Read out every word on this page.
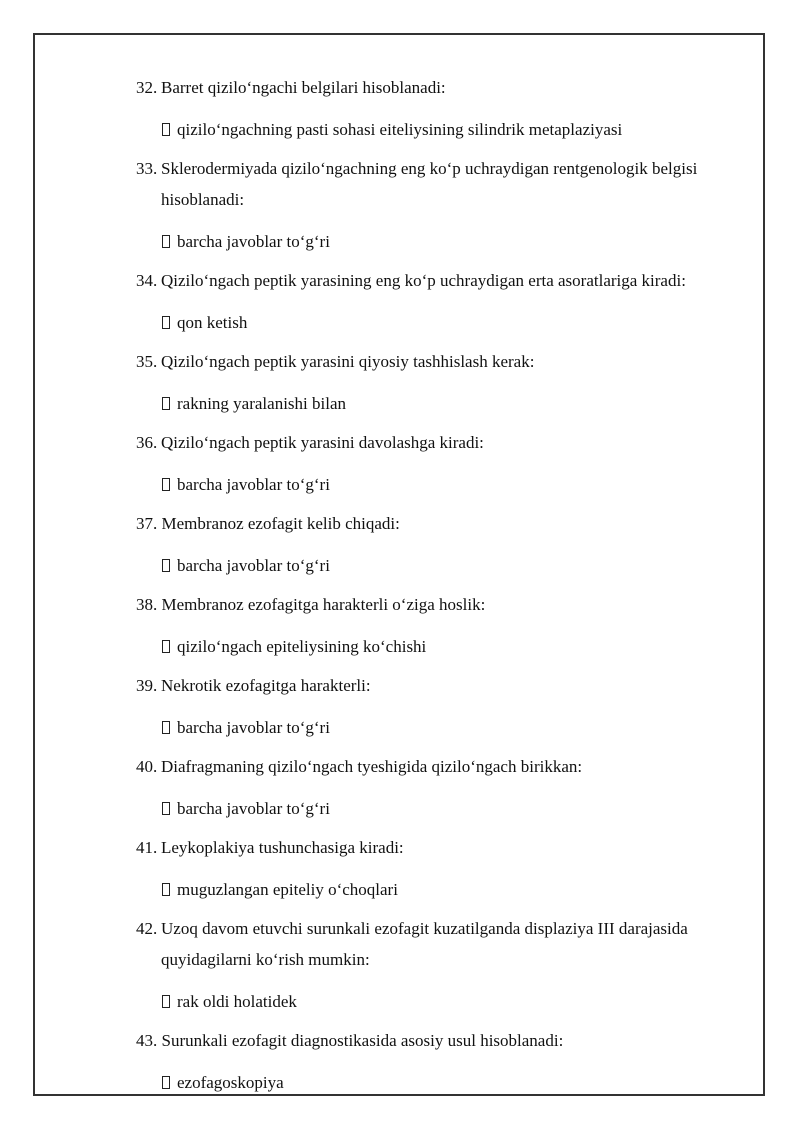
32. Barret qizilo‘ngachi belgilari hisoblanadi:
qizilo‘ngachning pasti sohasi eiteliysining silindrik metaplaziyasi
33. Sklerodermiyada qizilo‘ngachning eng ko‘p uchraydigan rentgenologik belgisi hisoblanadi:
barcha javoblar to‘g‘ri
34. Qizilo‘ngach peptik yarasining eng ko‘p uchraydigan erta asoratlariga kiradi:
qon ketish
35. Qizilo‘ngach peptik yarasini qiyosiy tashhislash kerak:
rakning yaralanishi bilan
36. Qizilo‘ngach peptik yarasini davolashga kiradi:
barcha javoblar to‘g‘ri
37. Membranoz ezofagit kelib chiqadi:
barcha javoblar to‘g‘ri
38. Membranoz ezofagitga harakterli o‘ziga hoslik:
qizilo‘ngach epiteliysining ko‘chishi
39. Nekrotik ezofagitga harakterli:
barcha javoblar to‘g‘ri
40. Diafragmaning qizilo‘ngach tyeshigida qizilo‘ngach birikkan:
barcha javoblar to‘g‘ri
41. Leykoplakiya tushunchasiga kiradi:
muguzlangan epiteliy o‘choqlari
42. Uzoq davom etuvchi surunkali ezofagit kuzatilganda displaziya III darajasida quyidagilarni ko‘rish mumkin:
rak oldi holatidek
43. Surunkali ezofagit diagnostikasida asosiy usul hisoblanadi:
ezofagoskopiya
